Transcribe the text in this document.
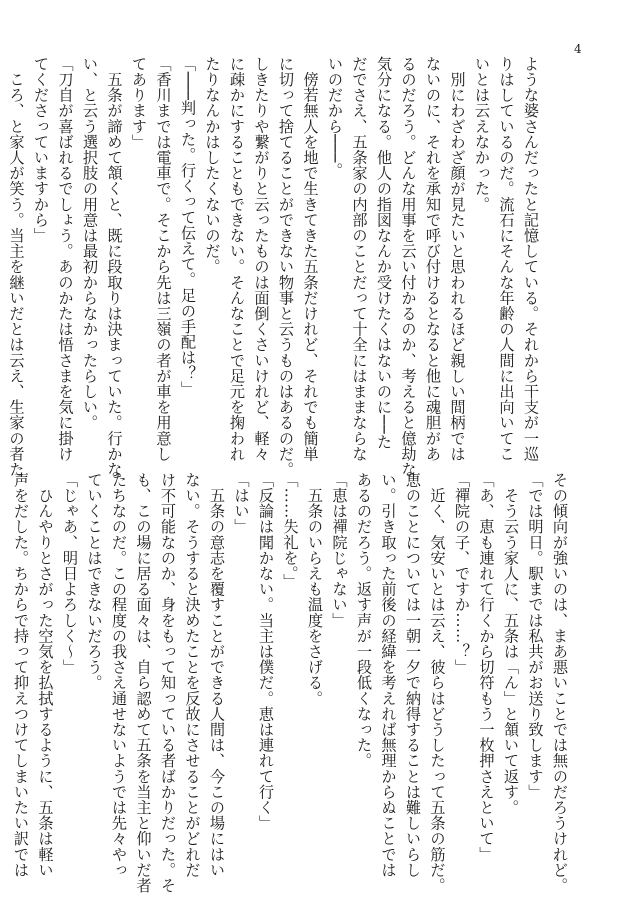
4
ような婆さんだったと記憶している。それから干支が一巡
りはしているのだ。流石にそんな年齢の人間に出向いてこ
いとは云えなかった。
　別にわざわざ顔が見たいと思われるほど親しい間柄では
ないのに、それを承知で呼び付けるとなると他に魂胆があ
るのだろう。どんな用事を云い付かるのか、考えると億劫な
気分になる。他人の指図なんか受けたくはないのに──た
だでさえ、五条家の内部のことだって十全にはままならな
いのだから───。
　傍若無人を地で生きてきた五条だけれど、それでも簡単
に切って捨てることができない物事と云うものはあるのだ。
しきたりや繋がりと云ったものは面倒くさいけれど、軽々
に疎かにすることもできない。そんなことで足元を掬われ
たりなんかはしたくないのだ。
「───判った。行くって伝えて。足の手配は？」
「香川までは電車で。そこから先は三嶺の者が車を用意し
てあります」
　五条が諦めて頷くと、既に段取りは決まっていた。行かな
い、と云う選択肢の用意は最初からなかったらしい。
「刀自が喜ばれるでしょう。あのかたは悟さまを気に掛け
てくださっていますから」
　ころ、と家人が笑う。当主を継いだとは云え、生家の者た
その傾向が強いのは、まあ悪いことでは無のだろうけれど。
「では明日。駅までは私共がお送り致します」
　そう云う家人に、五条は「ん」と頷いて返す。
「あ、恵も連れて行くから切符もう一枚押さえといて」
「禪院の子、ですか……？」
　近く、気安いとは云え、彼らはどうしたって五条の筋だ。
恵のことについては一朝一夕で納得することは難しいらし
い。引き取った前後の経緯を考えれば無理からぬことでは
あるのだろう。返す声が一段低くなった。
「恵は禪院じゃない」
　五条のいらえも温度をさげる。
「……失礼を。」
「反論は聞かない。当主は僕だ。恵は連れて行く」
「はい」
　五条の意志を覆すことができる人間は、今この場にはい
ない。そうすると決めたことを反故にさせることがどれだ
け不可能なのか、身をもって知っている者ばかりだった。そ
も、この場に居る面々は、自ら認めて五条を当主と仰いだ者
たちなのだ。この程度の我さえ通せないようでは先々やっ
ていくことはできないだろう。
「じゃあ、明日よろしく～」
　ひんやりとさがった空気を払拭するように、五条は軽い
声をだした。ちからで持って抑えつけてしまいたい訳では
